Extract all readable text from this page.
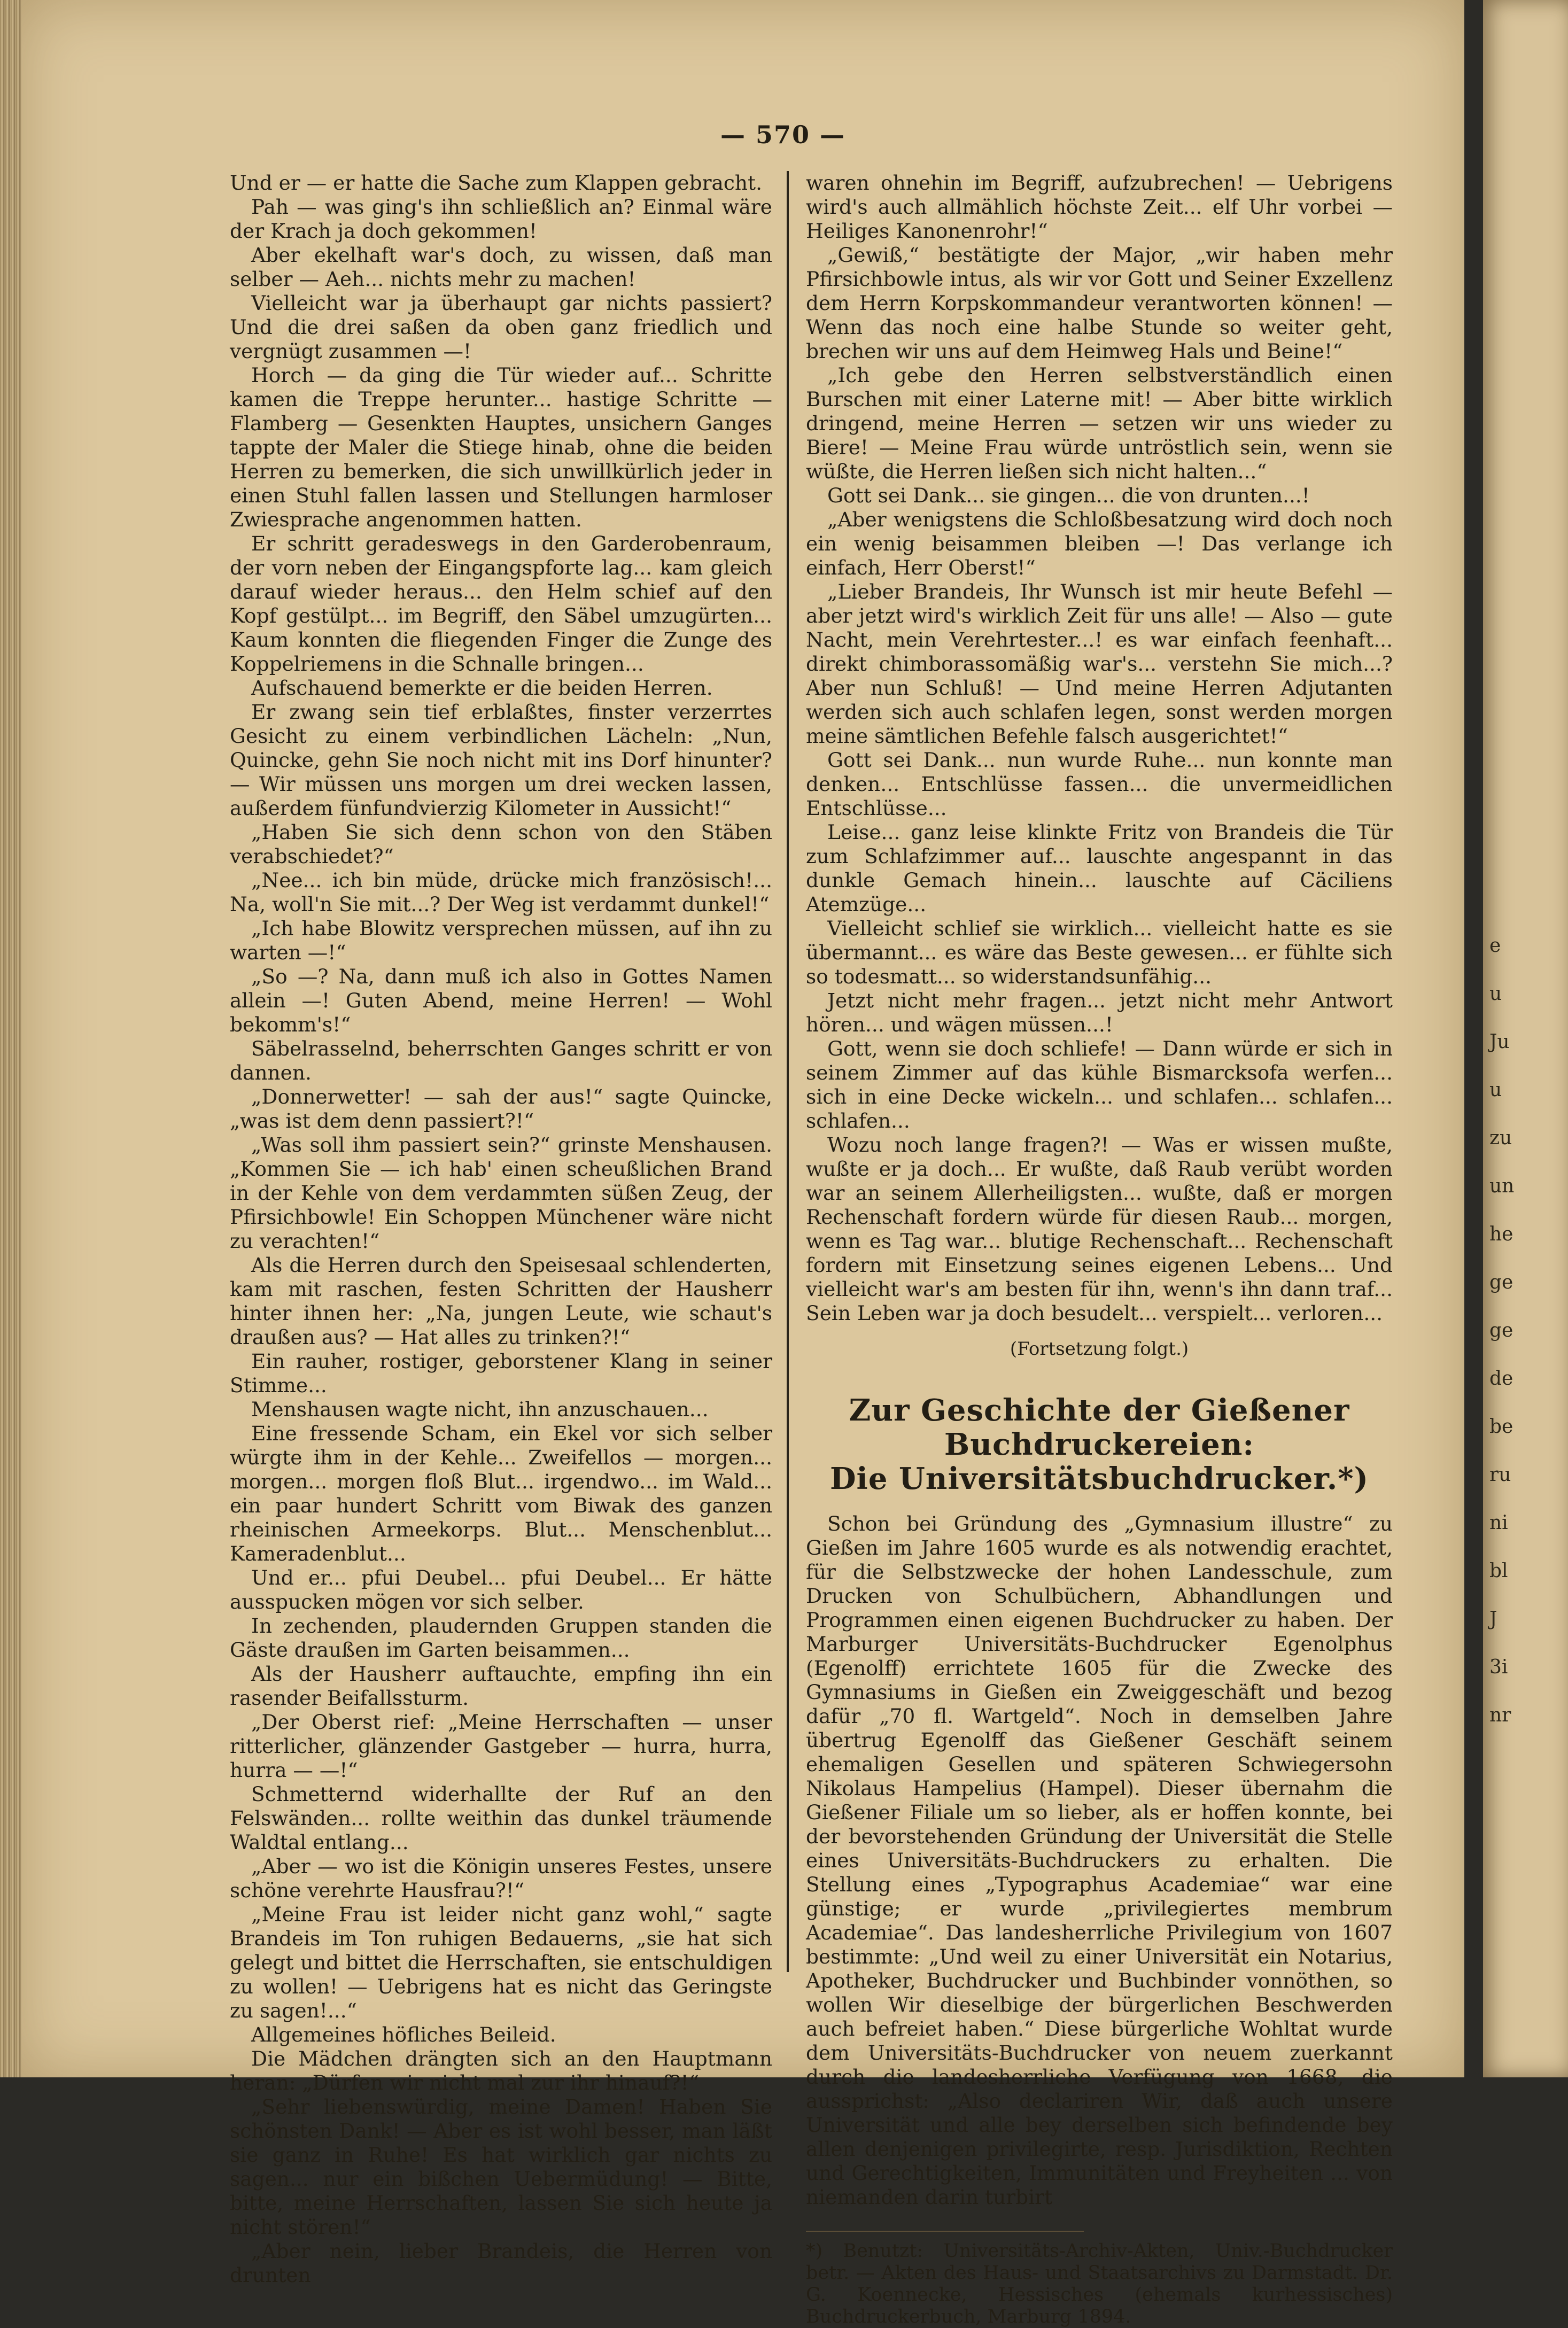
e
u
Ju
u
zu
un
he
ge
ge
de
be
ru
ni
bl
J
3i
nr
— 570 —

Und er — er hatte die Sache zum Klappen gebracht.

Pah — was ging's ihn schließlich an? Einmal wäre der Krach ja doch gekommen!

Aber ekelhaft war's doch, zu wissen, daß man selber — Aeh... nichts mehr zu machen!

Vielleicht war ja überhaupt gar nichts passiert? Und die drei saßen da oben ganz friedlich und vergnügt zusammen —!

Horch — da ging die Tür wieder auf... Schritte kamen die Treppe herunter... hastige Schritte — Flamberg — Gesenkten Hauptes, unsichern Ganges tappte der Maler die Stiege hinab, ohne die beiden Herren zu bemerken, die sich unwillkürlich jeder in einen Stuhl fallen lassen und Stellungen harmloser Zwiesprache angenommen hatten.

Er schritt geradeswegs in den Garderobenraum, der vorn neben der Eingangspforte lag... kam gleich darauf wieder heraus... den Helm schief auf den Kopf gestülpt... im Begriff, den Säbel umzugürten... Kaum konnten die fliegenden Finger die Zunge des Koppelriemens in die Schnalle bringen...

Aufschauend bemerkte er die beiden Herren.

Er zwang sein tief erblaßtes, finster verzerrtes Gesicht zu einem verbindlichen Lächeln: „Nun, Quincke, gehn Sie noch nicht mit ins Dorf hinunter? — Wir müssen uns morgen um drei wecken lassen, außerdem fünfundvierzig Kilometer in Aussicht!“

„Haben Sie sich denn schon von den Stäben verabschiedet?“

„Nee... ich bin müde, drücke mich französisch!... Na, woll'n Sie mit...? Der Weg ist verdammt dunkel!“

„Ich habe Blowitz versprechen müssen, auf ihn zu warten —!“

„So —? Na, dann muß ich also in Gottes Namen allein —! Guten Abend, meine Herren! — Wohl bekomm's!“

Säbelrasselnd, beherrschten Ganges schritt er von dannen.

„Donnerwetter! — sah der aus!“ sagte Quincke, „was ist dem denn passiert?!“

„Was soll ihm passiert sein?“ grinste Menshausen. „Kommen Sie — ich hab' einen scheußlichen Brand in der Kehle von dem verdammten süßen Zeug, der Pfirsichbowle! Ein Schoppen Münchener wäre nicht zu verachten!“

Als die Herren durch den Speisesaal schlenderten, kam mit raschen, festen Schritten der Hausherr hinter ihnen her: „Na, jungen Leute, wie schaut's draußen aus? — Hat alles zu trinken?!“

Ein rauher, rostiger, geborstener Klang in seiner Stimme...

Menshausen wagte nicht, ihn anzuschauen...

Eine fressende Scham, ein Ekel vor sich selber würgte ihm in der Kehle... Zweifellos — morgen... morgen... morgen floß Blut... irgendwo... im Wald... ein paar hundert Schritt vom Biwak des ganzen rheinischen Armeekorps. Blut... Menschenblut... Kameradenblut...

Und er... pfui Deubel... pfui Deubel... Er hätte ausspucken mögen vor sich selber.

In zechenden, plaudernden Gruppen standen die Gäste draußen im Garten beisammen...

Als der Hausherr auftauchte, empfing ihn ein rasender Beifallssturm.

„Der Oberst rief: „Meine Herrschaften — unser ritterlicher, glänzender Gastgeber — hurra, hurra, hurra — —!“

Schmetternd widerhallte der Ruf an den Felswänden... rollte weithin das dunkel träumende Waldtal entlang...

„Aber — wo ist die Königin unseres Festes, unsere schöne verehrte Hausfrau?!“

„Meine Frau ist leider nicht ganz wohl,“ sagte Brandeis im Ton ruhigen Bedauerns, „sie hat sich gelegt und bittet die Herrschaften, sie entschuldigen zu wollen! — Uebrigens hat es nicht das Geringste zu sagen!...“

Allgemeines höfliches Beileid.

Die Mädchen drängten sich an den Hauptmann heran: „Dürfen wir nicht mal zur ihr hinauf?!“

„Sehr liebenswürdig, meine Damen! Haben Sie schönsten Dank! — Aber es ist wohl besser, man läßt sie ganz in Ruhe! Es hat wirklich gar nichts zu sagen... nur ein bißchen Uebermüdung! — Bitte, bitte, meine Herrschaften, lassen Sie sich heute ja nicht stören!“

„Aber nein, lieber Brandeis, die Herren von drunten

waren ohnehin im Begriff, aufzubrechen! — Uebrigens wird's auch allmählich höchste Zeit... elf Uhr vorbei — Heiliges Kanonenrohr!“

„Gewiß,“ bestätigte der Major, „wir haben mehr Pfirsichbowle intus, als wir vor Gott und Seiner Exzellenz dem Herrn Korpskommandeur verantworten können! — Wenn das noch eine halbe Stunde so weiter geht, brechen wir uns auf dem Heimweg Hals und Beine!“

„Ich gebe den Herren selbstverständlich einen Burschen mit einer Laterne mit! — Aber bitte wirklich dringend, meine Herren — setzen wir uns wieder zu Biere! — Meine Frau würde untröstlich sein, wenn sie wüßte, die Herren ließen sich nicht halten...“

Gott sei Dank... sie gingen... die von drunten...!

„Aber wenigstens die Schloßbesatzung wird doch noch ein wenig beisammen bleiben —! Das verlange ich einfach, Herr Oberst!“

„Lieber Brandeis, Ihr Wunsch ist mir heute Befehl — aber jetzt wird's wirklich Zeit für uns alle! — Also — gute Nacht, mein Verehrtester...! es war einfach feenhaft... direkt chimborassomäßig war's... verstehn Sie mich...? Aber nun Schluß! — Und meine Herren Adjutanten werden sich auch schlafen legen, sonst werden morgen meine sämtlichen Befehle falsch ausgerichtet!“

Gott sei Dank... nun wurde Ruhe... nun konnte man denken... Entschlüsse fassen... die unvermeidlichen Entschlüsse...

Leise... ganz leise klinkte Fritz von Brandeis die Tür zum Schlafzimmer auf... lauschte angespannt in das dunkle Gemach hinein... lauschte auf Cäciliens Atemzüge...

Vielleicht schlief sie wirklich... vielleicht hatte es sie übermannt... es wäre das Beste gewesen... er fühlte sich so todesmatt... so widerstandsunfähig...

Jetzt nicht mehr fragen... jetzt nicht mehr Antwort hören... und wägen müssen...!

Gott, wenn sie doch schliefe! — Dann würde er sich in seinem Zimmer auf das kühle Bismarcksofa werfen... sich in eine Decke wickeln... und schlafen... schlafen... schlafen...

Wozu noch lange fragen?! — Was er wissen mußte, wußte er ja doch... Er wußte, daß Raub verübt worden war an seinem Allerheiligsten... wußte, daß er morgen Rechenschaft fordern würde für diesen Raub... morgen, wenn es Tag war... blutige Rechenschaft... Rechenschaft fordern mit Einsetzung seines eigenen Lebens... Und vielleicht war's am besten für ihn, wenn's ihn dann traf... Sein Leben war ja doch besudelt... verspielt... verloren...

(Fortsetzung folgt.)

Zur Geschichte der Gießener Buchdruckereien:
Die Universitätsbuchdrucker.*)

Schon bei Gründung des „Gymnasium illustre“ zu Gießen im Jahre 1605 wurde es als notwendig erachtet, für die Selbstzwecke der hohen Landesschule, zum Drucken von Schulbüchern, Abhandlungen und Programmen einen eigenen Buchdrucker zu haben. Der Marburger Universitäts-Buchdrucker Egenolphus (Egenolff) errichtete 1605 für die Zwecke des Gymnasiums in Gießen ein Zweiggeschäft und bezog dafür „70 fl. Wartgeld“. Noch in demselben Jahre übertrug Egenolff das Gießener Geschäft seinem ehemaligen Gesellen und späteren Schwiegersohn Nikolaus Hampelius (Hampel). Dieser übernahm die Gießener Filiale um so lieber, als er hoffen konnte, bei der bevorstehenden Gründung der Universität die Stelle eines Universitäts-Buchdruckers zu erhalten. Die Stellung eines „Typographus Academiae“ war eine günstige; er wurde „privilegiertes membrum Academiae“. Das landesherrliche Privilegium von 1607 bestimmte: „Und weil zu einer Universität ein Notarius, Apotheker, Buchdrucker und Buchbinder vonnöthen, so wollen Wir dieselbige der bürgerlichen Beschwerden auch befreiet haben.“ Diese bürgerliche Wohltat wurde dem Universitäts-Buchdrucker von neuem zuerkannt durch die landesherrliche Verfügung von 1668, die aussprichst: „Also declariren Wir, daß auch unsere Universität und alle bey derselben sich befindende bey allen denjenigen privilegirte, resp. Jurisdiktion, Rechten und Gerechtigkeiten, Immunitäten und Freyheiten ... von niemanden darin turbirt

*) Benutzt: Universitäts-Archiv-Akten, Univ.-Buchdrucker betr. — Akten des Haus- und Staatsarchivs zu Darmstadt. Dr. G. Koennecke, Hessisches (ehemals kurhessisches) Buchdruckerbuch, Marburg 1894.
